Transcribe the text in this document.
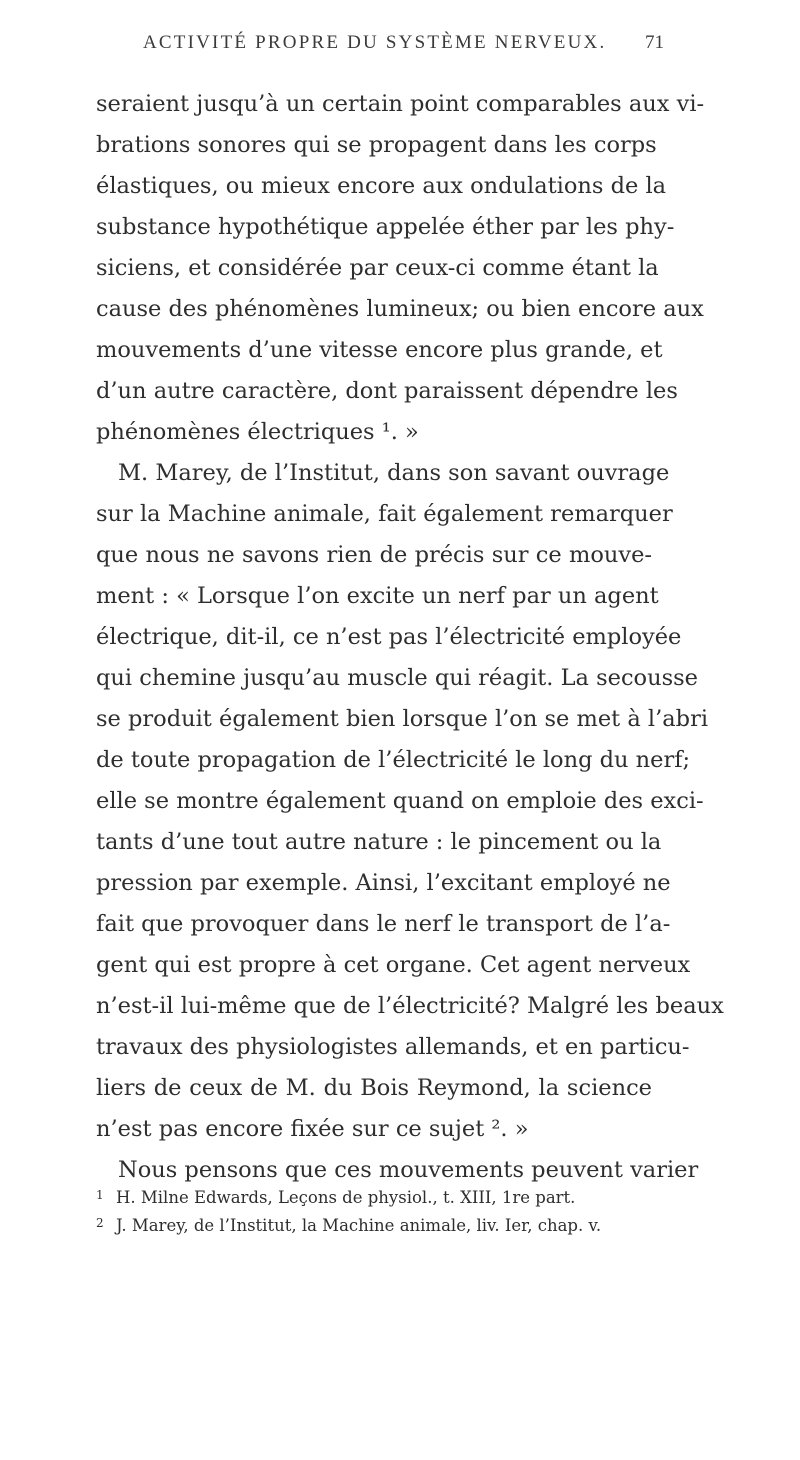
ACTIVITÉ PROPRE DU SYSTÈME NERVEUX. 71
seraient jusqu’à un certain point comparables aux vi-
brations sonores qui se propagent dans les corps
élastiques, ou mieux encore aux ondulations de la
substance hypothétique appelée éther par les phy-
siciens, et considérée par ceux-ci comme étant la
cause des phénomènes lumineux; ou bien encore aux
mouvements d’une vitesse encore plus grande, et
d’un autre caractère, dont paraissent dépendre les
phénomènes électriques ¹. »
M. Marey, de l’Institut, dans son savant ouvrage
sur la Machine animale, fait également remarquer
que nous ne savons rien de précis sur ce mouve-
ment : « Lorsque l’on excite un nerf par un agent
électrique, dit-il, ce n’est pas l’électricité employée
qui chemine jusqu’au muscle qui réagit. La secousse
se produit également bien lorsque l’on se met à l’abri
de toute propagation de l’électricité le long du nerf;
elle se montre également quand on emploie des exci-
tants d’une tout autre nature : le pincement ou la
pression par exemple. Ainsi, l’excitant employé ne
fait que provoquer dans le nerf le transport de l’a-
gent qui est propre à cet organe. Cet agent nerveux
n’est-il lui-même que de l’électricité? Malgré les beaux
travaux des physiologistes allemands, et en particu-
liers de ceux de M. du Bois Reymond, la science
n’est pas encore fixée sur ce sujet ². »
Nous pensons que ces mouvements peuvent varier
1 H. Milne Edwards, Leçons de physiol., t. XIII, 1re part.
2 J. Marey, de l’Institut, la Machine animale, liv. Ier, chap. v.
